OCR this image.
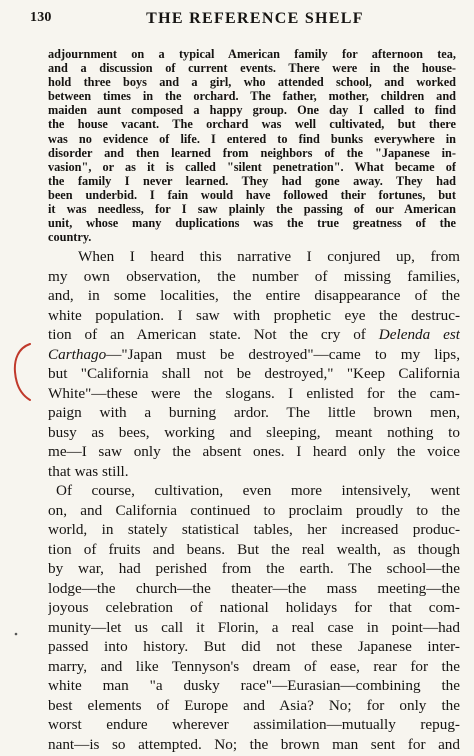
130	THE REFERENCE SHELF
adjournment on a typical American family for afternoon tea,
and a discussion of current events. There were in the house-
hold three boys and a girl, who attended school, and worked
between times in the orchard. The father, mother, children and
maiden aunt composed a happy group. One day I called to find
the house vacant. The orchard was well cultivated, but there
was no evidence of life. I entered to find bunks everywhere in
disorder and then learned from neighbors of the "Japanese in-
vasion", or as it is called "silent penetration". What became of
the family I never learned. They had gone away. They had
been underbid. I fain would have followed their fortunes, but
it was needless, for I saw plainly the passing of our American
unit, whose many duplications was the true greatness of the
country.
When I heard this narrative I conjured up, from
my own observation, the number of missing families,
and, in some localities, the entire disappearance of the
white population. I saw with prophetic eye the destruc-
tion of an American state. Not the cry of Delenda est
Carthago—"Japan must be destroyed"—came to my lips,
but "California shall not be destroyed," "Keep California
White"—these were the slogans. I enlisted for the cam-
paign with a burning ardor. The little brown men,
busy as bees, working and sleeping, meant nothing to
me—I saw only the absent ones. I heard only the voice
that was still.
Of course, cultivation, even more intensively, went
on, and California continued to proclaim proudly to the
world, in stately statistical tables, her increased produc-
tion of fruits and beans. But the real wealth, as though
by war, had perished from the earth. The school—the
lodge—the church—the theater—the mass meeting—the
joyous celebration of national holidays for that com-
munity—let us call it Florin, a real case in point—had
passed into history. But did not these Japanese inter-
marry, and like Tennyson's dream of ease, rear for the
white man "a dusky race"—Eurasian—combining the
best elements of Europe and Asia? No; for only the
worst endure wherever assimilation—mutually repug-
nant—is so attempted. No; the brown man sent for and
